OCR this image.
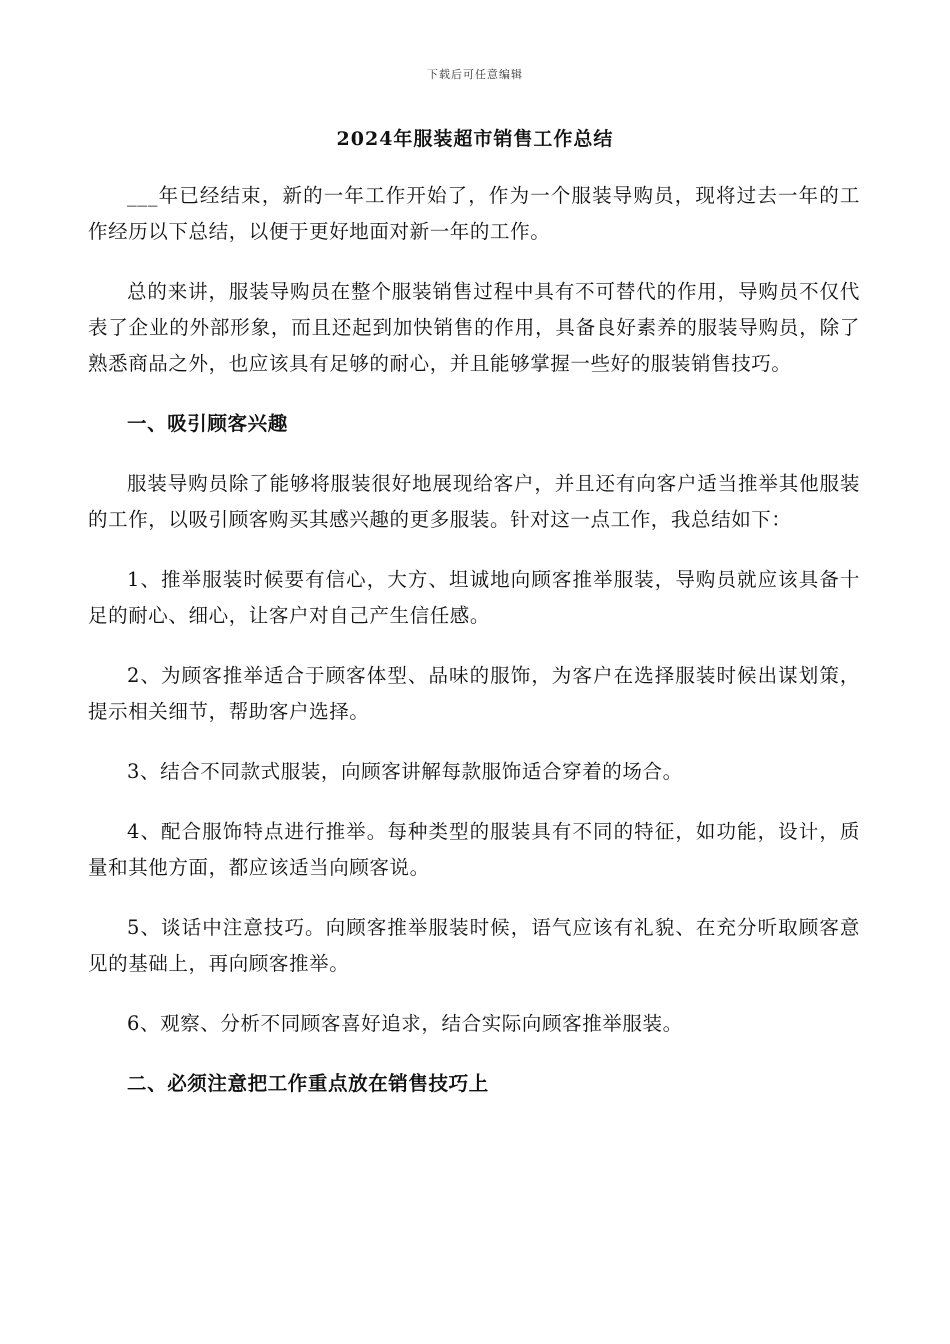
下载后可任意编辑
2024年服装超市销售工作总结

___年已经结束，新的一年工作开始了，作为一个服装导购员，现将过去一年的工作经历以下总结，以便于更好地面对新一年的工作。

总的来讲，服装导购员在整个服装销售过程中具有不可替代的作用，导购员不仅代表了企业的外部形象，而且还起到加快销售的作用，具备良好素养的服装导购员，除了熟悉商品之外，也应该具有足够的耐心，并且能够掌握一些好的服装销售技巧。

一、吸引顾客兴趣

服装导购员除了能够将服装很好地展现给客户，并且还有向客户适当推举其他服装的工作，以吸引顾客购买其感兴趣的更多服装。针对这一点工作，我总结如下：

1、推举服装时候要有信心，大方、坦诚地向顾客推举服装，导购员就应该具备十足的耐心、细心，让客户对自己产生信任感。

2、为顾客推举适合于顾客体型、品味的服饰，为客户在选择服装时候出谋划策，提示相关细节，帮助客户选择。

3、结合不同款式服装，向顾客讲解每款服饰适合穿着的场合。

4、配合服饰特点进行推举。每种类型的服装具有不同的特征，如功能，设计，质量和其他方面，都应该适当向顾客说。

5、谈话中注意技巧。向顾客推举服装时候，语气应该有礼貌、在充分听取顾客意见的基础上，再向顾客推举。

6、观察、分析不同顾客喜好追求，结合实际向顾客推举服装。

二、必须注意把工作重点放在销售技巧上
